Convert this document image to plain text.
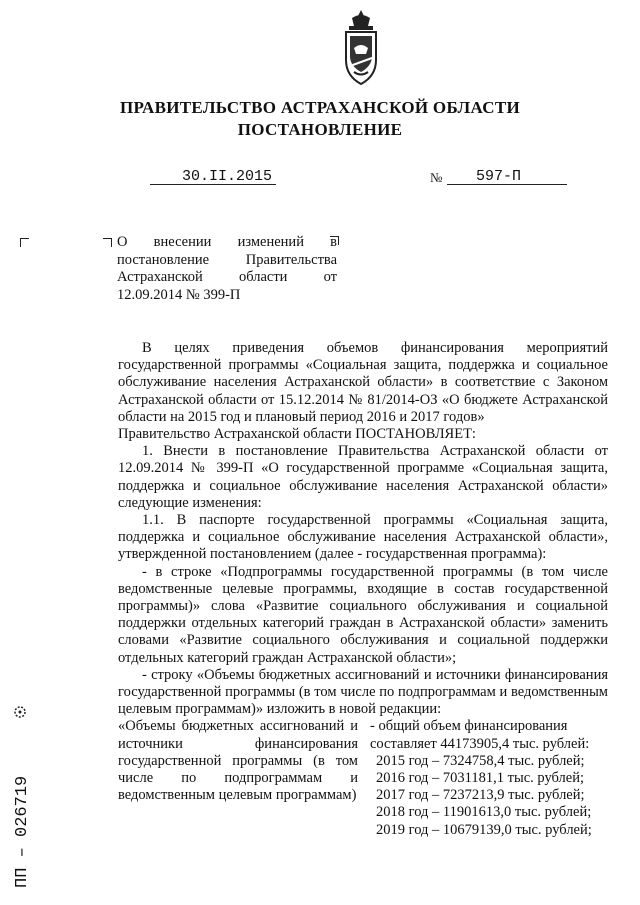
ПРАВИТЕЛЬСТВО АСТРАХАНСКОЙ ОБЛАСТИ
ПОСТАНОВЛЕНИЕ
30.II.2015	№ 597-П
О внесении изменений в постановление Правительства Астраханской области от 12.09.2014 № 399-П

В целях приведения объемов финансирования мероприятий государственной программы «Социальная защита, поддержка и социальное обслуживание населения Астраханской области» в соответствие с Законом Астраханской области от 15.12.2014 № 81/2014-ОЗ «О бюджете Астраханской области на 2015 год и плановый период 2016 и 2017 годов»

Правительство Астраханской области ПОСТАНОВЛЯЕТ:

1. Внести в постановление Правительства Астраханской области от 12.09.2014 № 399-П «О государственной программе «Социальная защита, поддержка и социальное обслуживание населения Астраханской области» следующие изменения:

1.1. В паспорте государственной программы «Социальная защита, поддержка и социальное обслуживание населения Астраханской области», утвержденной постановлением (далее - государственная программа):

- в строке «Подпрограммы государственной программы (в том числе ведомственные целевые программы, входящие в состав государственной программы)» слова «Развитие социального обслуживания и социальной поддержки отдельных категорий граждан в Астраханской области» заменить словами «Развитие социального обслуживания и социальной поддержки отдельных категорий граждан Астраханской области»;

- строку «Объемы бюджетных ассигнований и источники финансирования государственной программы (в том числе по подпрограммам и ведомственным целевым программам)» изложить в новой редакции:

«Объемы бюджетных ассигнований и источники финансирования государственной программы (в том числе по подпрограммам и ведомственным целевым программам)
- общий объем финансирования составляет 44173905,4 тыс. рублей:
2015 год – 7324758,4 тыс. рублей;
2016 год – 7031181,1 тыс. рублей;
2017 год – 7237213,9 тыс. рублей;
2018 год – 11901613,0 тыс. рублей;
2019 год – 10679139,0 тыс. рублей;
ПП – 026719
